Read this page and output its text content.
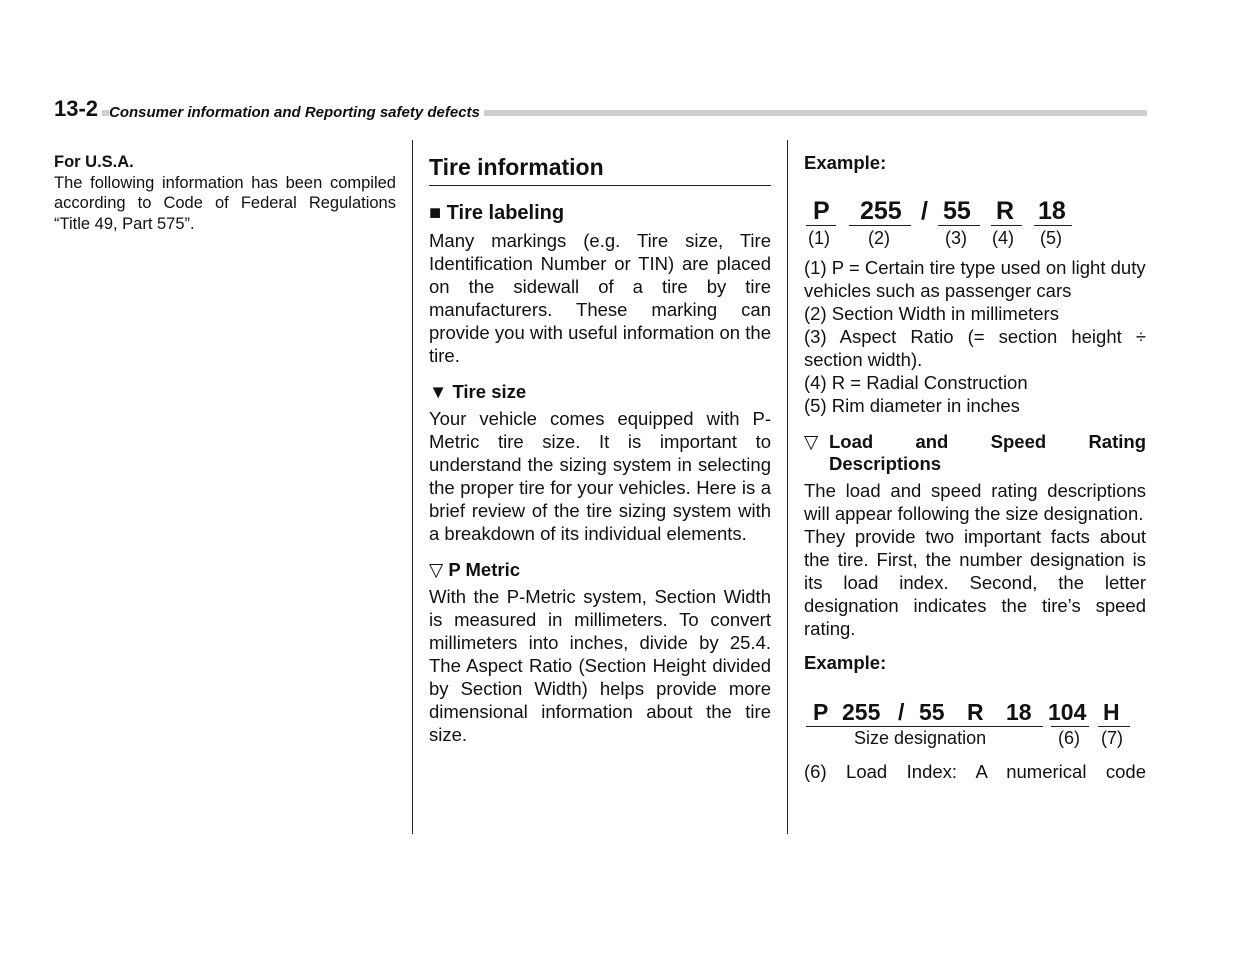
13-2 Consumer information and Reporting safety defects
For U.S.A.

The following information has been compiled according to Code of Federal Regulations “Title 49, Part 575”.

Tire information
■ Tire labeling

Many markings (e.g. Tire size, Tire Identification Number or TIN) are placed on the sidewall of a tire by tire manufacturers. These marking can provide you with useful information on the tire.

▼ Tire size

Your vehicle comes equipped with P-Metric tire size. It is important to understand the sizing system in selecting the proper tire for your vehicles. Here is a brief review of the tire sizing system with a breakdown of its individual elements.

▽ P Metric

With the P-Metric system, Section Width is measured in millimeters. To convert millimeters into inches, divide by 25.4. The Aspect Ratio (Section Height divided by Section Width) helps provide more dimensional information about the tire size.

Example:
P 255 / 55 R 18
(1) (2)	(3) (4) (5)

(1) P = Certain tire type used on light duty vehicles such as passenger cars

(2) Section Width in millimeters

(3) Aspect Ratio (= section height ÷ section width).

(4) R = Radial Construction

(5) Rim diameter in inches

▽ Load and Speed Rating Descriptions

The load and speed rating descriptions will appear following the size designation.

They provide two important facts about the tire. First, the number designation is its load index. Second, the letter designation indicates the tire’s speed rating.

Example:
P 255 / 55 R 18 104 H
Size designation	(6) (7)

(6) Load Index: A numerical code
